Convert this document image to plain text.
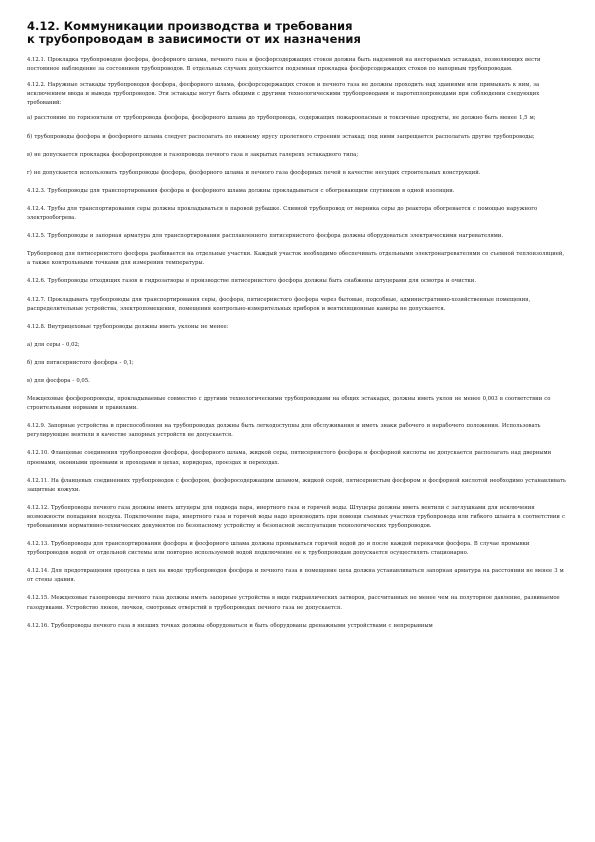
4.12. Коммуникации производства и требования
к трубопроводам в зависимости от их назначения

4.12.1. Прокладка трубопроводов фосфора, фосфорного шлама, печного газа и фосфорсодержащих стоков должна быть надземной на несгораемых эстакадах, позволяющих вести постоянное наблюдение за состоянием трубопроводов. В отдельных случаях допускается подземная прокладка фосфорсодержащих стоков по напорным трубопроводам.

4.12.2. Наружные эстакады трубопроводов фосфора, фосфорного шлама, фосфорсодержащих стоков и печного газа не должны проходить над зданиями или примыкать к ним, за исключением ввода и вывода трубопроводов. Эти эстакады могут быть общими с другими технологическими трубопроводами и паротеплопроводами при соблюдении следующих требований:

а) расстояние по горизонтали от трубопровода фосфора, фосфорного шлама до трубопровода, содержащих пожароопасные и токсичные продукты, не должно быть менее 1,5 м;

б) трубопроводы фосфора и фосфорного шлама следует располагать по нижнему ярусу пролетного строения эстакад; под ними запрещается располагать другие трубопроводы;

в) не допускается прокладка фосфоропроводов и газопровода печного газа в закрытых галереях эстакадного типа;

г) не допускается использовать трубопроводы фосфора, фосфорного шлама и печного газа фосфорных печей в качестве несущих строительных конструкций.

4.12.3. Трубопроводы для транспортирования фосфора и фосфорного шлама должны прокладываться с обогревающим спутником в одной изоляции.

4.12.4. Трубы для транспортирования серы должны прокладываться в паровой рубашке. Сливной трубопровод от мерника серы до реактора обогревается с помощью наружного электрообогрева.

4.12.5. Трубопроводы и запорная арматура для транспортирования расплавленного пятисернистого фосфора должны оборудоваться электрическими нагревателями.

Трубопровод для пятисернистого фосфора разбивается на отдельные участки. Каждый участок необходимо обеспечивать отдельными электронагревателями со съемной теплоизоляцией, а также контрольными точками для измерения температуры.

4.12.6. Трубопроводы отходящих газов и гидрозатворы в производстве пятисернистого фосфора должны быть снабжены штуцерами для осмотра и очистки.

4.12.7. Прокладывать трубопроводы для транспортирования серы, фосфора, пятисернистого фосфора через бытовые, подсобные, административно-хозяйственные помещения, распределительные устройства, электропомещения, помещения контрольно-измерительных приборов и вентиляционные камеры не допускается.

4.12.8. Внутрицеховые трубопроводы должны иметь уклоны не менее:

а) для серы - 0,02;

б) для пятисернистого фосфора - 0,1;

в) для фосфора - 0,05.

Межцеховые фосфоропроводы, прокладываемые совместно с другими технологическими трубопроводами на общих эстакадах, должны иметь уклон не менее 0,003 в соответствии со строительными нормами и правилами.

4.12.9. Запорные устройства и приспособления на трубопроводах должны быть легкодоступны для обслуживания и иметь знаки рабочего и нерабочего положения. Использовать регулирующие вентили в качестве запорных устройств не допускается.

4.12.10. Фланцевые соединения трубопроводов фосфора, фосфорного шлама, жидкой серы, пятисернистого фосфора и фосфорной кислоты не допускается располагать над дверными проемами, оконными проемами и проходами в цехах, коридорах, проездах и переходах.

4.12.11. На фланцевых соединениях трубопроводов с фосфором, фосфоросодержащим шламом, жидкой серой, пятисернистым фосфором и фосфорной кислотой необходимо устанавливать защитные кожухи.

4.12.12. Трубопроводы печного газа должны иметь штуцеры для подвода пара, инертного газа и горячей воды. Штуцеры должны иметь вентили с заглушками для исключения возможности попадания воздуха. Подключение пара, инертного газа и горячей воды надо производить при помощи съемных участков трубопровода или гибкого шланга в соответствии с требованиями нормативно-технических документов по безопасному устройству и безопасной эксплуатации технологических трубопроводов.

4.12.13. Трубопроводы для транспортирования фосфора и фосфорного шлама должны промываться горячей водой до и после каждой перекачки фосфора. В случае промывки трубопроводов водой от отдельной системы или повторно используемой водой подключение ее к трубопроводам допускается осуществлять стационарно.

4.12.14. Для предотвращения пропуска в цех на вводе трубопроводов фосфора и печного газа в помещение цеха должна устанавливаться запорная арматура на расстоянии не менее 3 м от стены здания.

4.12.15. Межцеховые газопроводы печного газа должны иметь запорные устройства в виде гидравлических затворов, рассчитанных не менее чем на полуторное давление, развиваемое газодувками. Устройство люков, лючков, смотровых отверстий в трубопроводах печного газа не допускается.

4.12.16. Трубопроводы печного газа в низших точках должны оборудоваться и быть оборудованы дренажными устройствами с непрерывным
